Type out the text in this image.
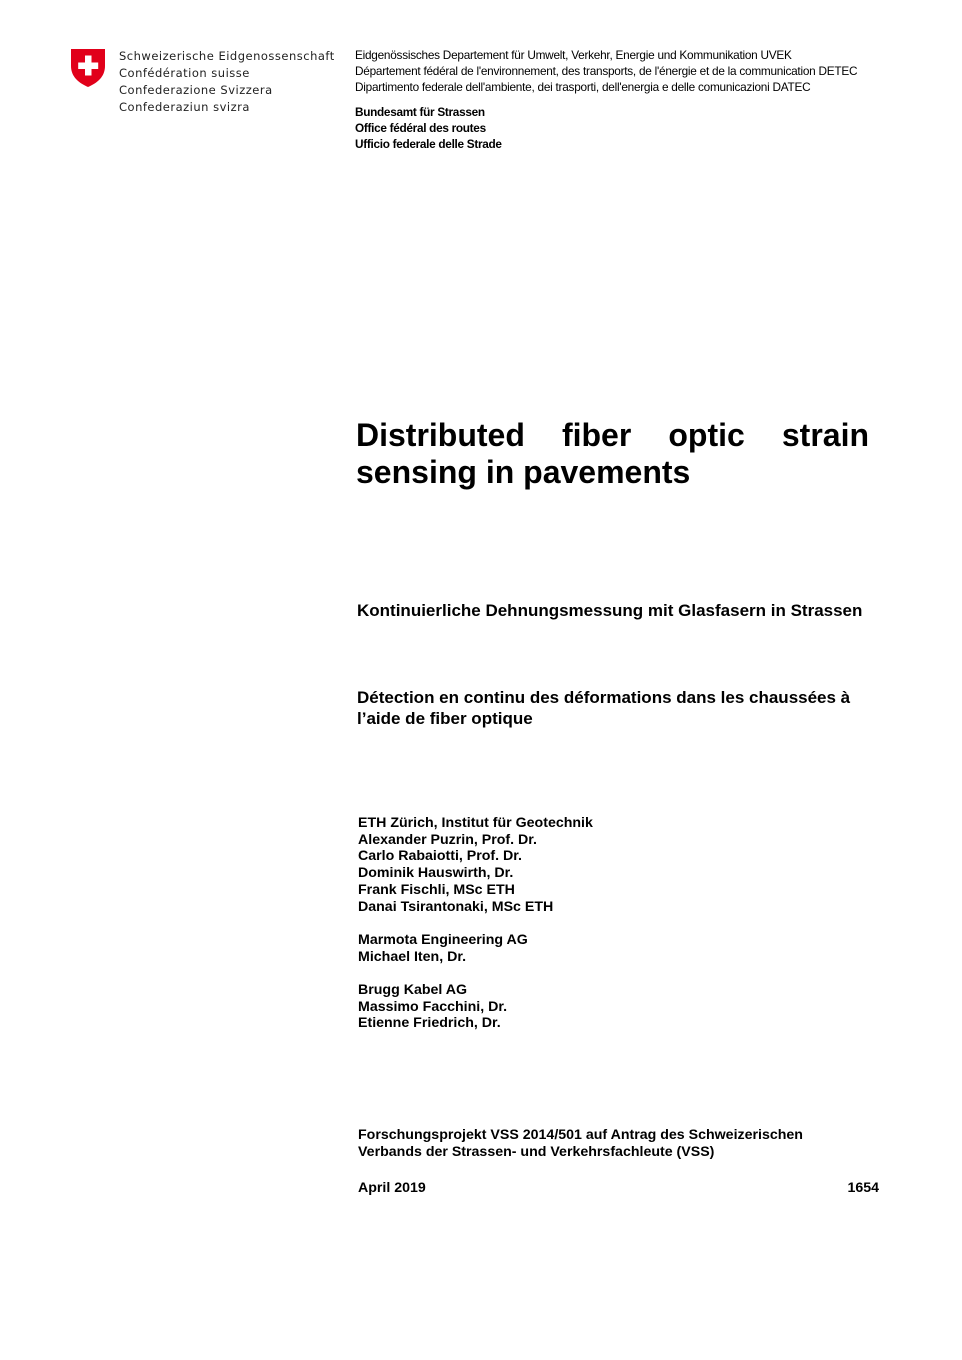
Schweizerische Eidgenossenschaft
Confédération suisse
Confederazione Svizzera
Confederaziun svizra
Eidgenössisches Departement für Umwelt, Verkehr, Energie und Kommunikation UVEK
Département fédéral de l'environnement, des transports, de l'énergie et de la communication DETEC
Dipartimento federale dell'ambiente, dei trasporti, dell'energia e delle comunicazioni DATEC
Bundesamt für Strassen
Office fédéral des routes
Ufficio federale delle Strade
Distributed fiber optic strain
sensing in pavements

Kontinuierliche Dehnungsmessung mit Glasfasern in Strassen

Détection en continu des déformations dans les chaussées à l’aide de fiber optique

ETH Zürich, Institut für Geotechnik
Alexander Puzrin, Prof. Dr.
Carlo Rabaiotti, Prof. Dr.
Dominik Hauswirth, Dr.
Frank Fischli, MSc ETH
Danai Tsirantonaki, MSc ETH
Marmota Engineering AG
Michael Iten, Dr.
Brugg Kabel AG
Massimo Facchini, Dr.
Etienne Friedrich, Dr.
Forschungsprojekt VSS 2014/501 auf Antrag des Schweizerischen
Verbands der Strassen- und Verkehrsfachleute (VSS)
April 2019	1654
